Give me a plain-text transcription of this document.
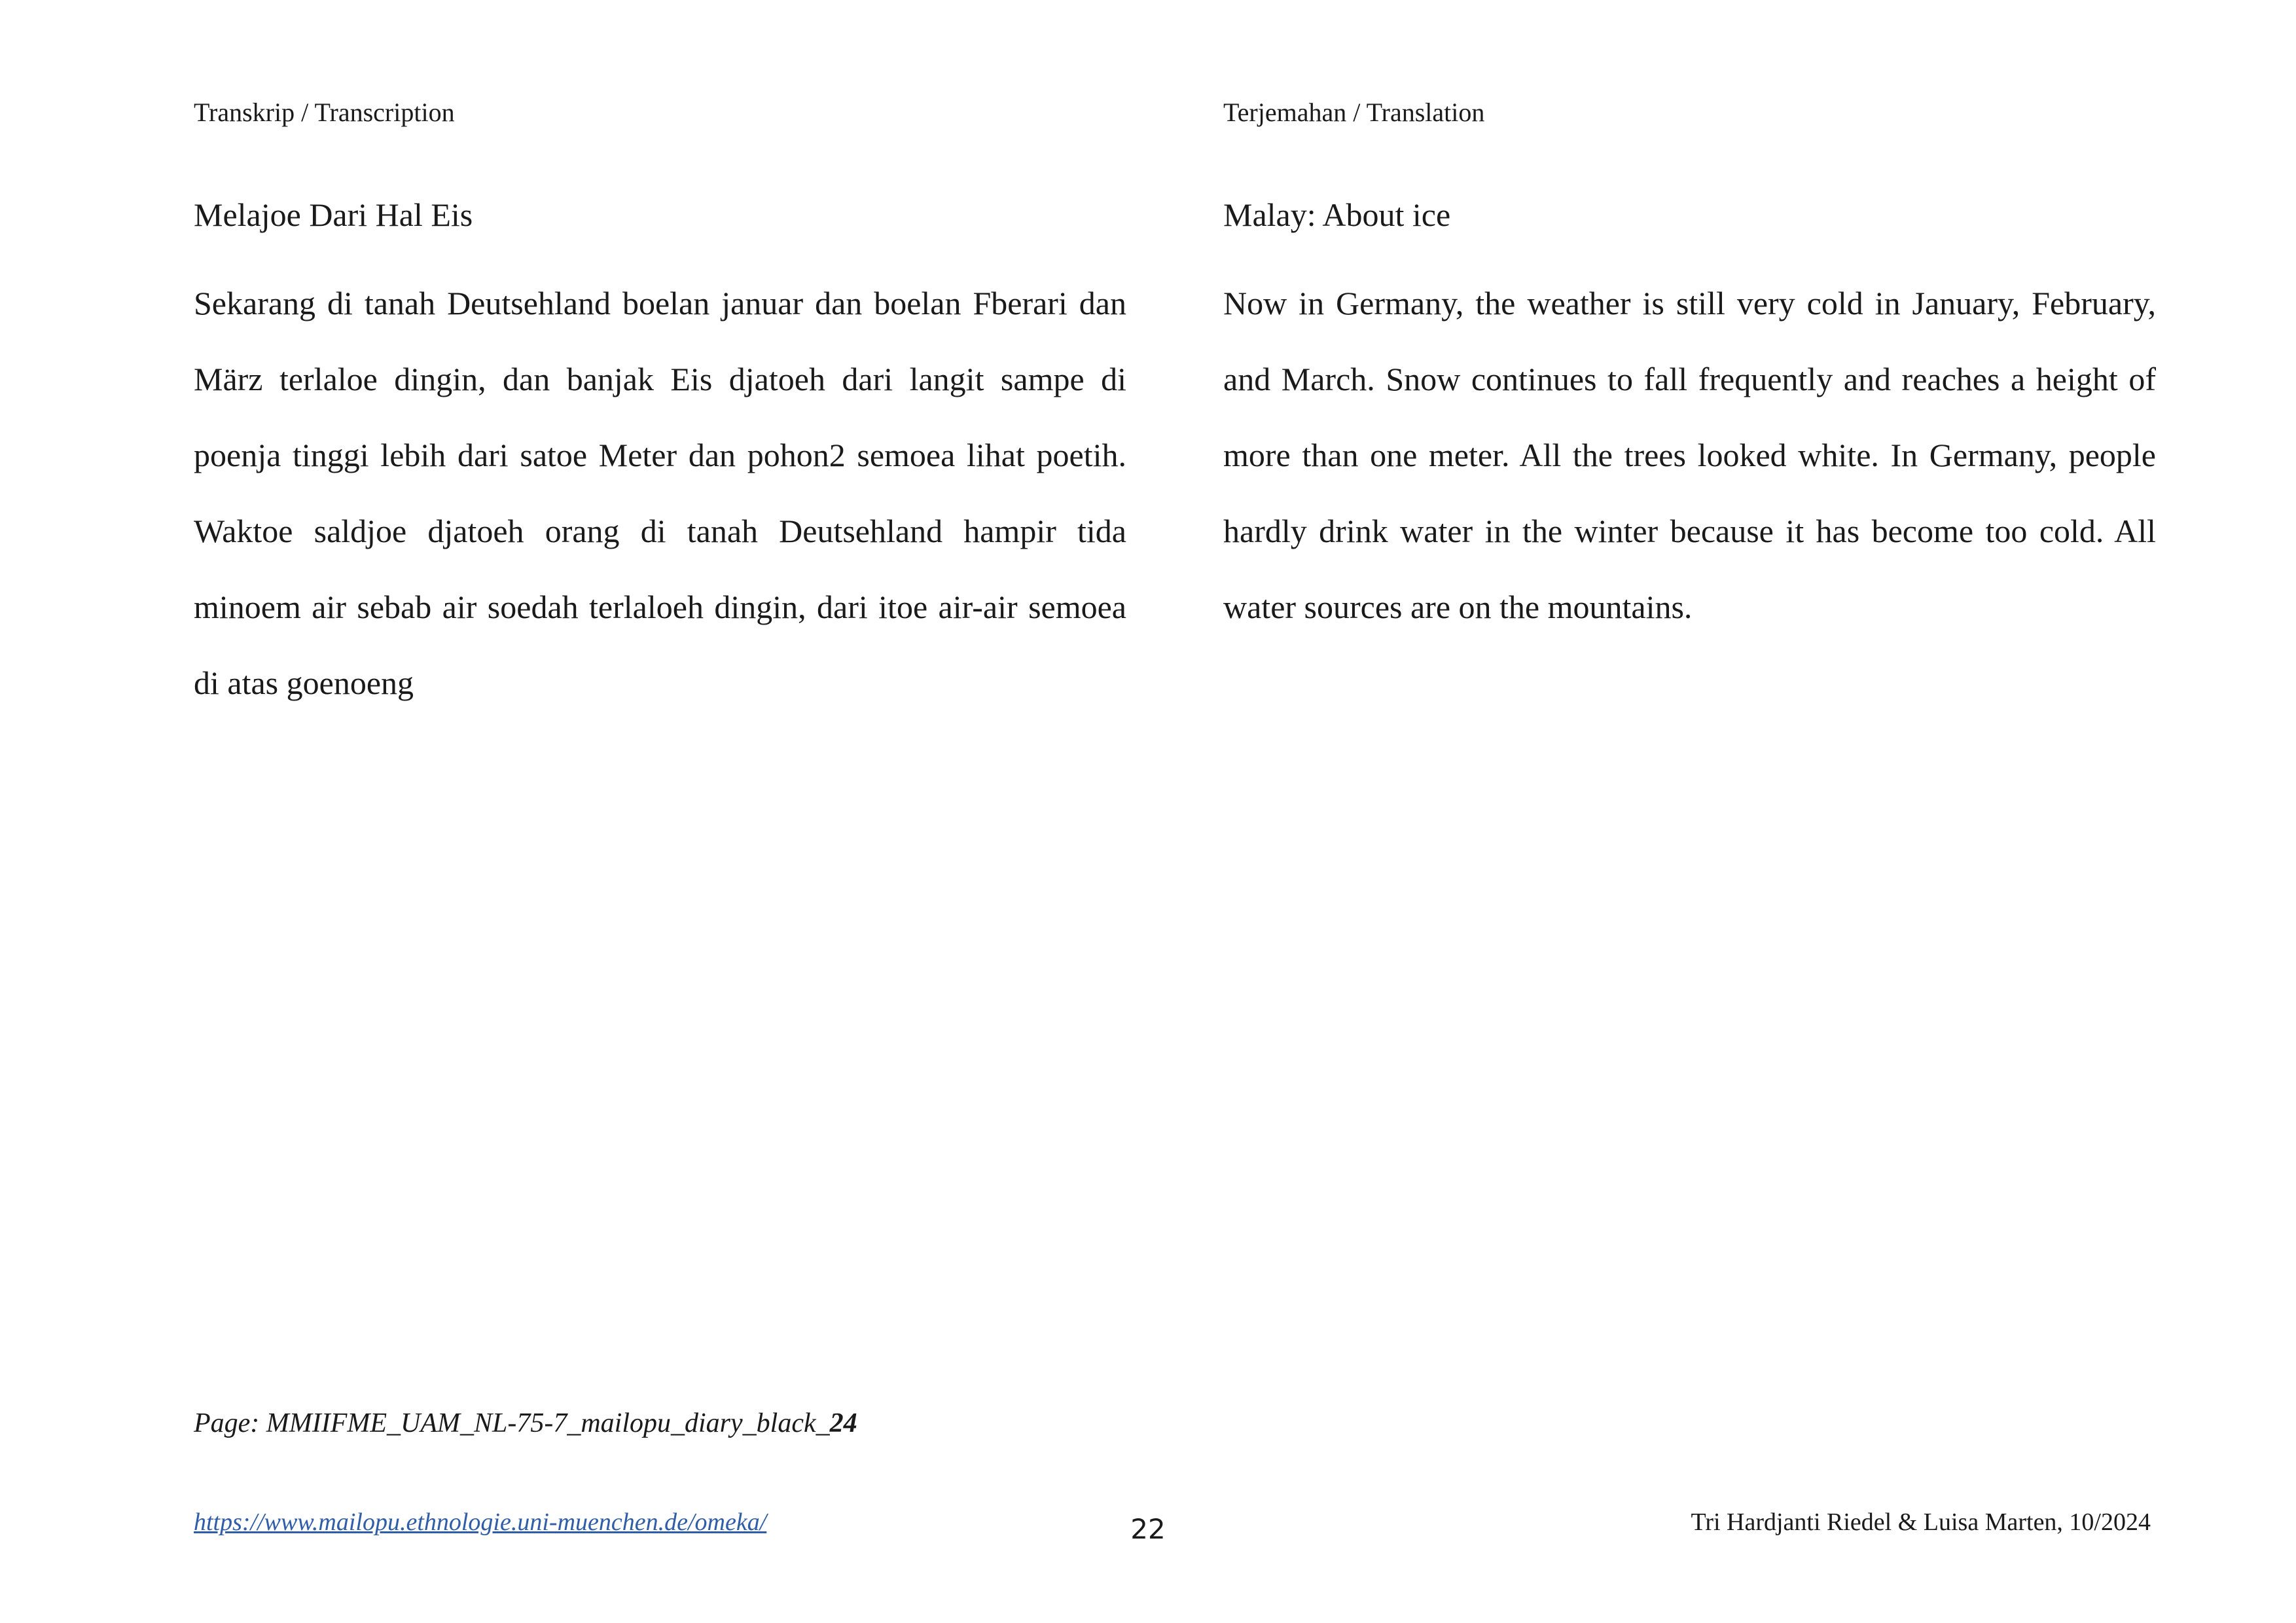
Transkrip / Transcription	Terjemahan / Translation
Melajoe Dari Hal Eis	Malay: About ice

Sekarang di tanah Deutsehland boelan januar dan boelan Fberari dan März terlaloe dingin, dan banjak Eis djatoeh dari langit sampe di poenja tinggi lebih dari satoe Meter dan pohon2 semoea lihat poetih. Waktoe saldjoe djatoeh orang di tanah Deutsehland hampir tida minoem air sebab air soedah terlaloeh dingin, dari itoe air-air semoea di atas goenoeng

Now in Germany, the weather is still very cold in January, February, and March. Snow continues to fall frequently and reaches a height of more than one meter. All the trees looked white. In Germany, people hardly drink water in the winter because it has become too cold. All water sources are on the mountains.

Page: MMIIFME_UAM_NL-75-7_mailopu_diary_black_24
https://www.mailopu.ethnologie.uni-muenchen.de/omeka/	22	Tri Hardjanti Riedel & Luisa Marten, 10/2024
